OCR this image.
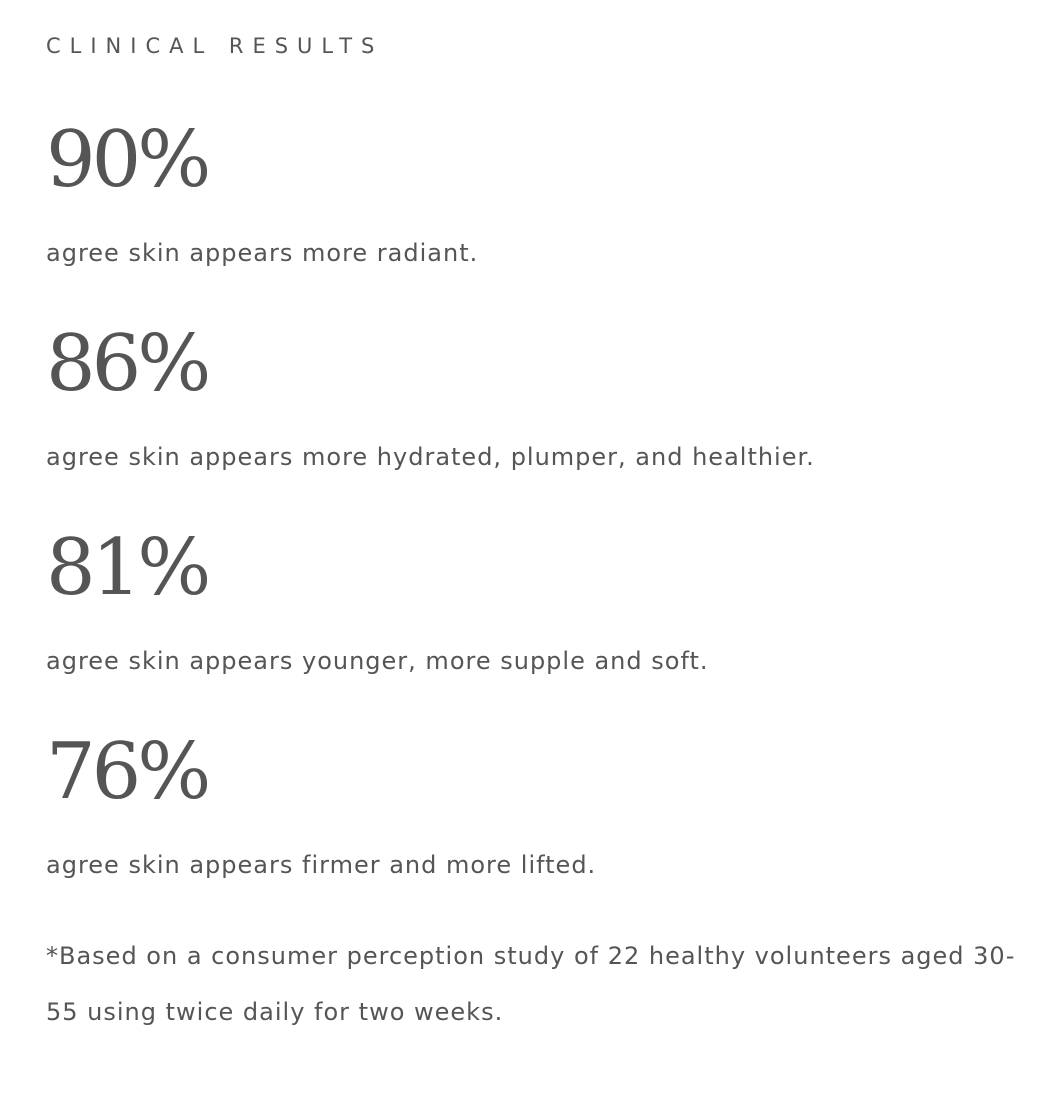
CLINICAL RESULTS
90%
agree skin appears more radiant.
86%
agree skin appears more hydrated, plumper, and healthier.
81%
agree skin appears younger, more supple and soft.
76%
agree skin appears firmer and more lifted.
*Based on a consumer perception study of 22 healthy volunteers aged 30-55 using twice daily for two weeks.
